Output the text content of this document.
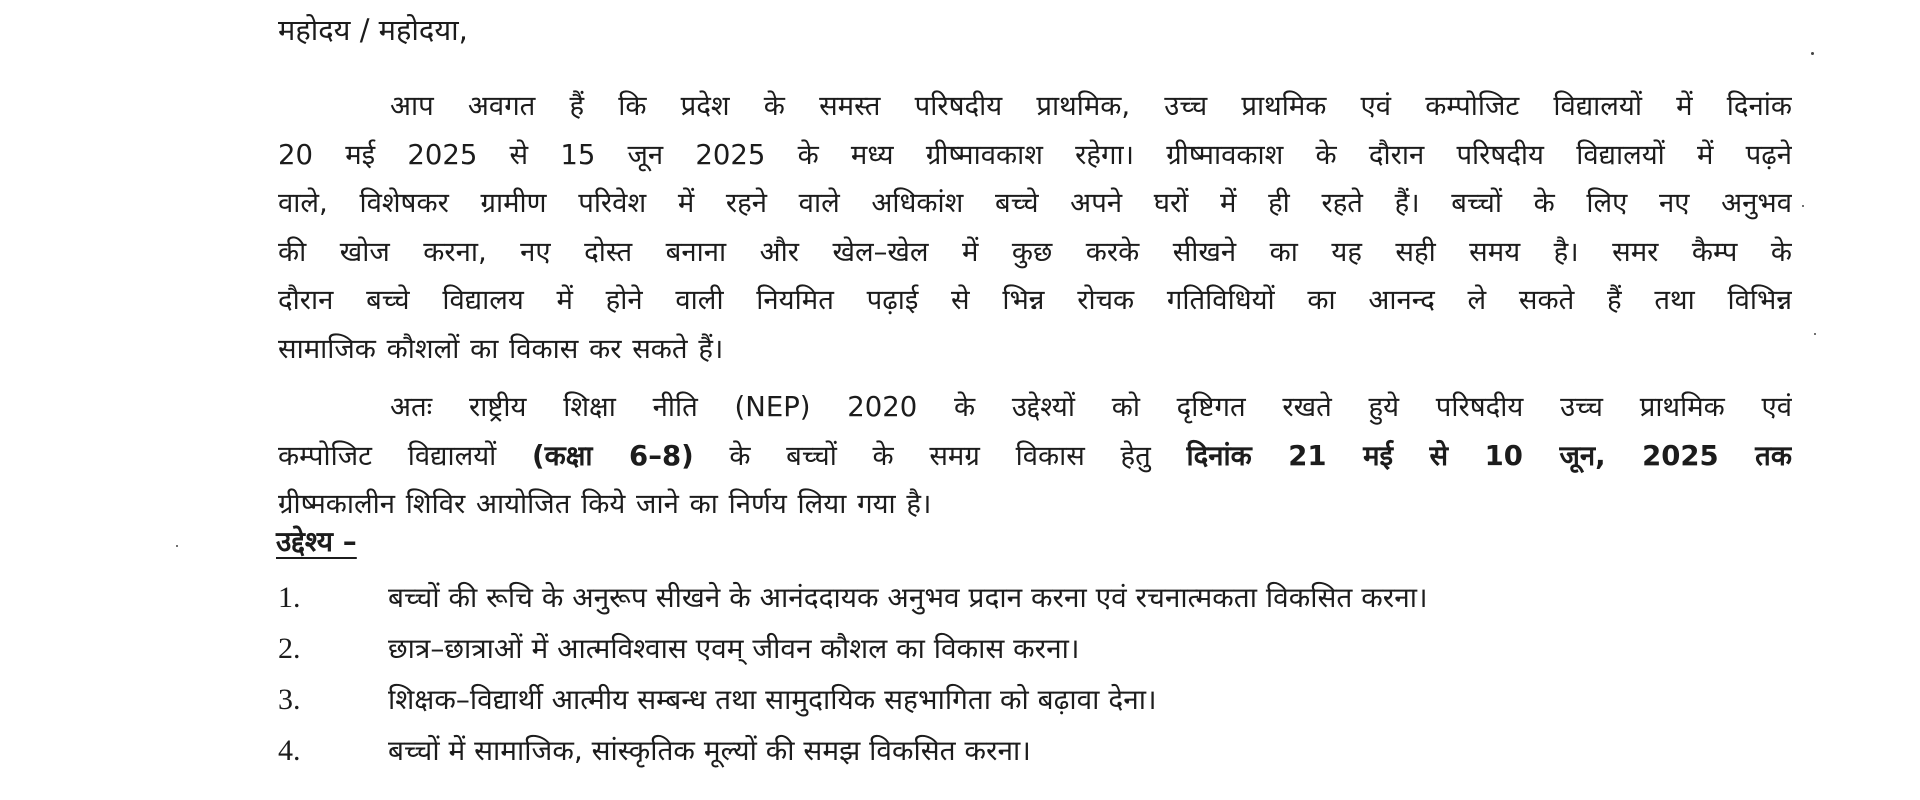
महोदय / महोदया,
आप अवगत हैं कि प्रदेश के समस्त परिषदीय प्राथमिक, उच्च प्राथमिक एवं कम्पोजिट विद्यालयों में दिनांक
20 मई 2025 से 15 जून 2025 के मध्य ग्रीष्मावकाश रहेगा। ग्रीष्मावकाश के दौरान परिषदीय विद्यालयों में पढ़ने
वाले, विशेषकर ग्रामीण परिवेश में रहने वाले अधिकांश बच्चे अपने घरों में ही रहते हैं। बच्चों के लिए नए अनुभव
की खोज करना, नए दोस्त बनाना और खेल–खेल में कुछ करके सीखने का यह सही समय है। समर कैम्प के
दौरान बच्चे विद्यालय में होने वाली नियमित पढ़ाई से भिन्न रोचक गतिविधियों का आनन्द ले सकते हैं तथा विभिन्न
सामाजिक कौशलों का विकास कर सकते हैं।
अतः राष्ट्रीय शिक्षा नीति (NEP) 2020 के उद्देश्यों को दृष्टिगत रखते हुये परिषदीय उच्च प्राथमिक एवं
कम्पोजिट विद्यालयों (कक्षा 6–8) के बच्चों के समग्र विकास हेतु दिनांक 21 मई से 10 जून, 2025 तक
ग्रीष्मकालीन शिविर आयोजित किये जाने का निर्णय लिया गया है।
उद्देश्य –
1.	बच्चों की रूचि के अनुरूप सीखने के आनंददायक अनुभव प्रदान करना एवं रचनात्मकता विकसित करना।
2.	छात्र–छात्राओं में आत्मविश्वास एवम् जीवन कौशल का विकास करना।
3.	शिक्षक–विद्यार्थी आत्मीय सम्बन्ध तथा सामुदायिक सहभागिता को बढ़ावा देना।
4.	बच्चों में सामाजिक, सांस्कृतिक मूल्यों की समझ विकसित करना।
